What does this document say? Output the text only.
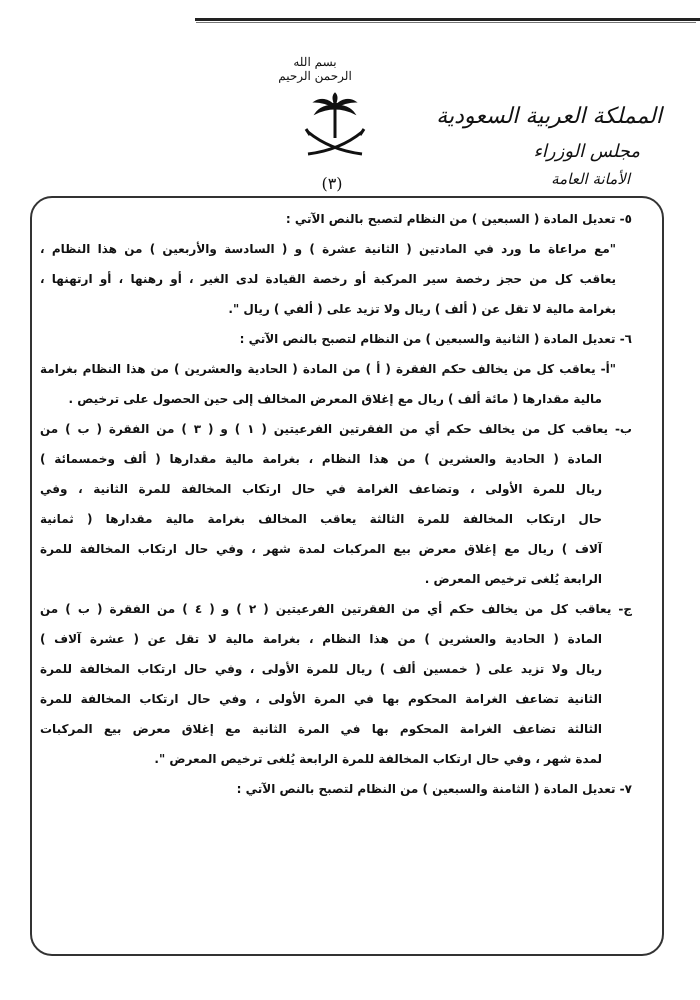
بسم الله الرحمن الرحيم
(٣)
المملكة العربية السعودية
مجلس الوزراء
الأمانة العامة
٥- تعديل المادة ( السبعين ) من النظام لتصبح بالنص الآتي :
"مع مراعاة ما ورد في المادتين ( الثانية عشرة ) و ( السادسة والأربعين ) من هذا النظام ،
يعاقب كل من حجز رخصة سير المركبة أو رخصة القيادة لدى الغير ، أو رهنها ، أو ارتهنها ،
بغرامة مالية لا تقل عن ( ألف ) ريال ولا تزيد على ( ألفي ) ريال ".
٦- تعديل المادة ( الثانية والسبعين ) من النظام لتصبح بالنص الآتي :
"أ- يعاقب كل من يخالف حكم الفقرة ( أ ) من المادة ( الحادية والعشرين ) من هذا النظام بغرامة
مالية مقدارها ( مائة ألف ) ريال مع إغلاق المعرض المخالف إلى حين الحصول على ترخيص .
ب- يعاقب كل من يخالف حكم أي من الفقرتين الفرعيتين ( ١ ) و ( ٣ ) من الفقرة ( ب ) من
المادة ( الحادية والعشرين ) من هذا النظام ، بغرامة مالية مقدارها ( ألف وخمسمائة )
ريال للمرة الأولى ، وتضاعف الغرامة في حال ارتكاب المخالفة للمرة الثانية ، وفي
حال ارتكاب المخالفة للمرة الثالثة يعاقب المخالف بغرامة مالية مقدارها ( ثمانية
آلاف ) ريال مع إغلاق معرض بيع المركبات لمدة شهر ، وفي حال ارتكاب المخالفة للمرة
الرابعة يُلغى ترخيص المعرض .
ج- يعاقب كل من يخالف حكم أي من الفقرتين الفرعيتين ( ٢ ) و ( ٤ ) من الفقرة ( ب ) من
المادة ( الحادية والعشرين ) من هذا النظام ، بغرامة مالية لا تقل عن ( عشرة آلاف )
ريال ولا تزيد على ( خمسين ألف ) ريال للمرة الأولى ، وفي حال ارتكاب المخالفة للمرة
الثانية تضاعف الغرامة المحكوم بها في المرة الأولى ، وفي حال ارتكاب المخالفة للمرة
الثالثة تضاعف الغرامة المحكوم بها في المرة الثانية مع إغلاق معرض بيع المركبات
لمدة شهر ، وفي حال ارتكاب المخالفة للمرة الرابعة يُلغى ترخيص المعرض ".
٧- تعديل المادة ( الثامنة والسبعين ) من النظام لتصبح بالنص الآتي :
